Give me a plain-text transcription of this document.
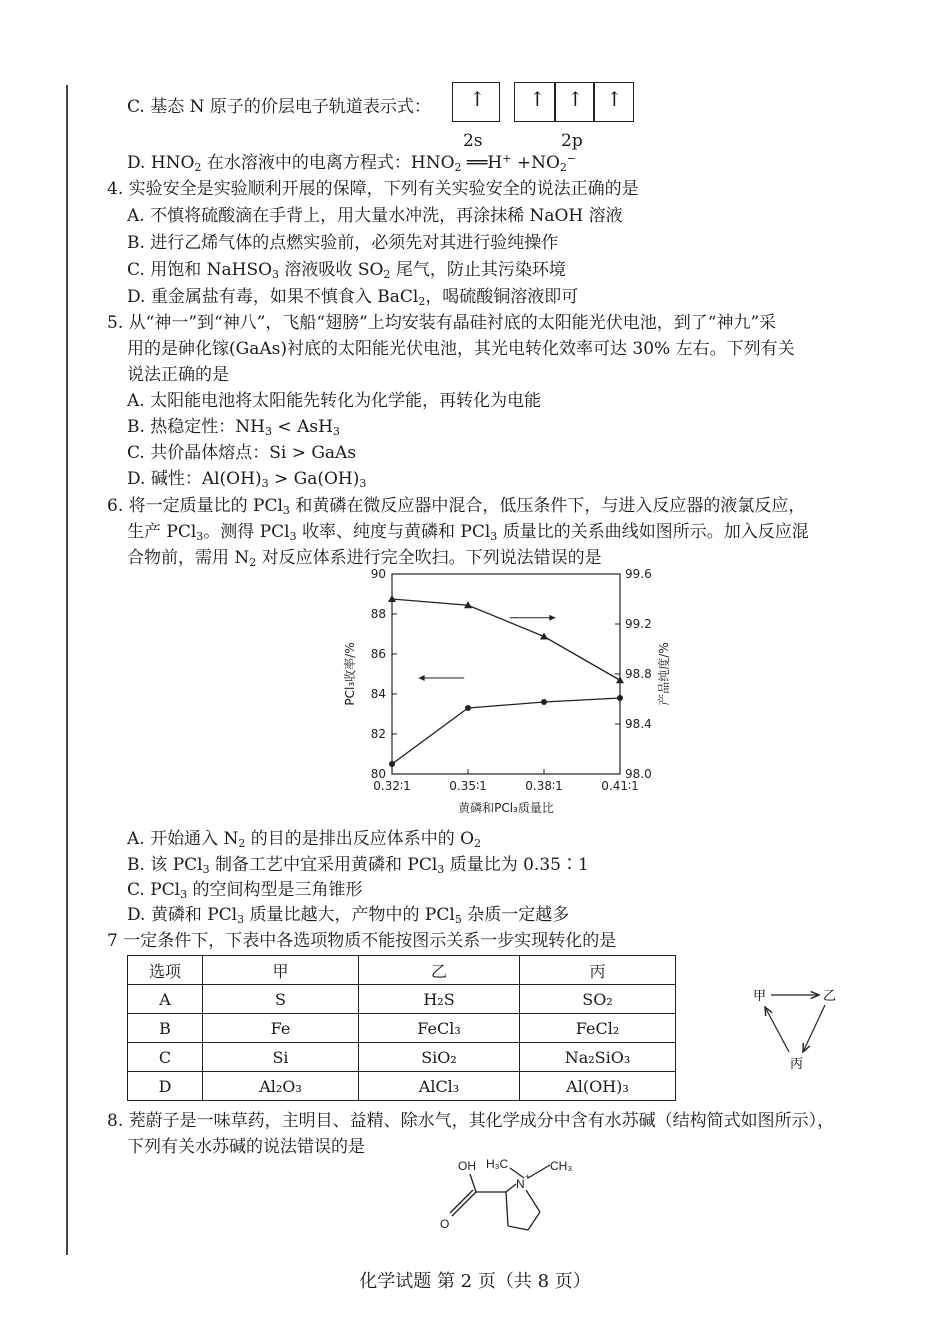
C. 基态 N 原子的价层电子轨道表示式： ↑ ↑ ↑ ↑
2s	2p
D. $HNO_2$ 在水溶液中的电离方程式：$HNO_2$ ══H+ $+NO_2^-$
4. 实验安全是实验顺利开展的保障，下列有关实验安全的说法正确的是
A. 不慎将硫酸滴在手背上，用大量水冲洗，再涂抹稀 NaOH 溶液
B. 进行乙烯气体的点燃实验前，必须先对其进行验纯操作
C. 用饱和 NaHSO$_3$ 溶液吸收 $SO_2$ 尾气，防止其污染环境
D. 重金属盐有毒，如果不慎食入 BaCl$_2$，喝硫酸铜溶液即可
5. 从“神一”到“神八”，飞船“翅膀”上均安装有晶硅衬底的太阳能光伏电池，到了“神九”采
用的是砷化镓(GaAs)衬底的太阳能光伏电池，其光电转化效率可达 30% 左右。下列有关
说法正确的是
A. 太阳能电池将太阳能先转化为化学能，再转化为电能
B. 热稳定性：$NH_3 < AsH_3$
C. 共价晶体熔点：Si > GaAs
D. 碱性：$Al(OH)_3 > Ga(OH)_3$
6. 将一定质量比的 PCl$_3$ 和黄磷在微反应器中混合，低压条件下，与进入反应器的液氯反应，
生产 PCl$_3$。测得 PCl$_3$ 收率、纯度与黄磷和 PCl$_3$ 质量比的关系曲线如图所示。加入反应混
合物前，需用 $N_2$ 对反应体系进行完全吹扫。下列说法错误的是
80
82
84
86
88
90
98.0
98.4
98.8
99.2
99.6
0.32∶1	0.35∶1	0.38∶1	0.41∶1
黄磷和PCl₃质量比
PCl₃收率/%	产品纯度/%
A. 开始通入 $N_2$ 的目的是排出反应体系中的 $O_2$
B. 该 PCl$_3$ 制备工艺中宜采用黄磷和 PCl$_3$ 质量比为 0.35∶1
C. PCl$_3$ 的空间构型是三角锥形
D. 黄磷和 PCl$_3$ 质量比越大，产物中的 PCl$_5$ 杂质一定越多
7 一定条件下，下表中各选项物质不能按图示关系一步实现转化的是
选项	甲	乙	丙
A	S	H₂S	SO₂
B	Fe	FeCl₃	FeCl₂
C	Si	SiO₂	Na₂SiO₃
D	Al₂O₃	AlCl₃	Al(OH)₃
甲	乙
丙
8. 茺蔚子是一味草药，主明目、益精、除水气，其化学成分中含有水苏碱（结构简式如图所示），
下列有关水苏碱的说法错误的是
OH H₃C	CH₃
N +
O
化学试题 第 2 页（共 8 页）
